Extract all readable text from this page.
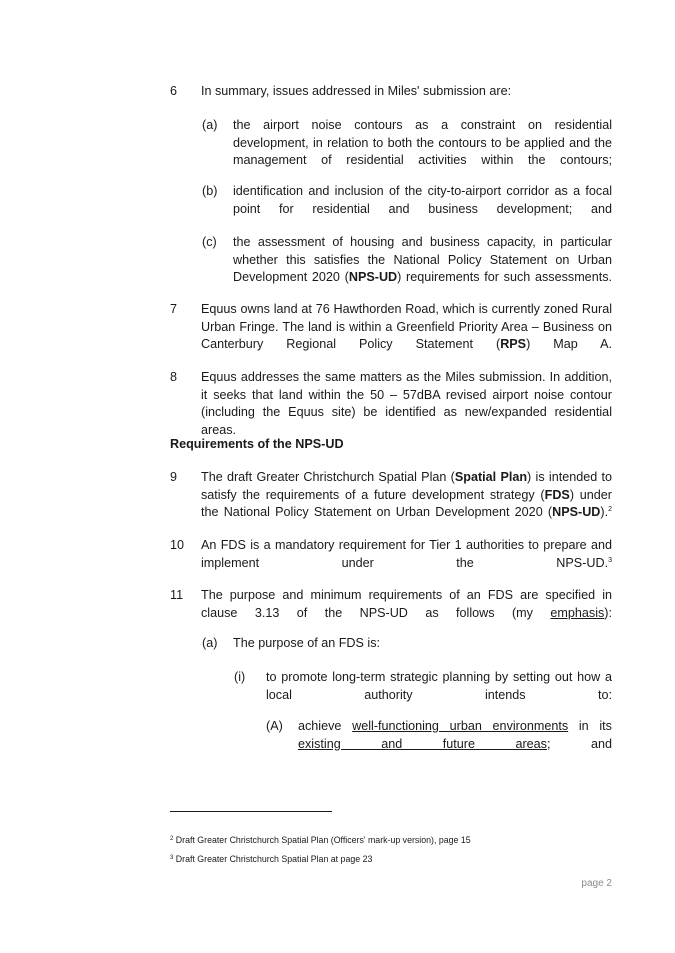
6 In summary, issues addressed in Miles' submission are:
(a) the airport noise contours as a constraint on residential development, in relation to both the contours to be applied and the management of residential activities within the contours;
(b) identification and inclusion of the city-to-airport corridor as a focal point for residential and business development; and
(c) the assessment of housing and business capacity, in particular whether this satisfies the National Policy Statement on Urban Development 2020 (NPS-UD) requirements for such assessments.
7 Equus owns land at 76 Hawthorden Road, which is currently zoned Rural Urban Fringe. The land is within a Greenfield Priority Area – Business on Canterbury Regional Policy Statement (RPS) Map A.
8 Equus addresses the same matters as the Miles submission. In addition, it seeks that land within the 50 – 57dBA revised airport noise contour (including the Equus site) be identified as new/expanded residential areas.
Requirements of the NPS-UD
9 The draft Greater Christchurch Spatial Plan (Spatial Plan) is intended to satisfy the requirements of a future development strategy (FDS) under the National Policy Statement on Urban Development 2020 (NPS-UD).$^2$
10 An FDS is a mandatory requirement for Tier 1 authorities to prepare and implement under the NPS-UD.$^3$
11 The purpose and minimum requirements of an FDS are specified in clause 3.13 of the NPS-UD as follows (my emphasis):
(a) The purpose of an FDS is:
(i) to promote long-term strategic planning by setting out how a local authority intends to:
(A) achieve well-functioning urban environments in its existing and future areas; and
$^2$ Draft Greater Christchurch Spatial Plan (Officers' mark-up version), page 15
$^3$ Draft Greater Christchurch Spatial Plan at page 23
page 2
